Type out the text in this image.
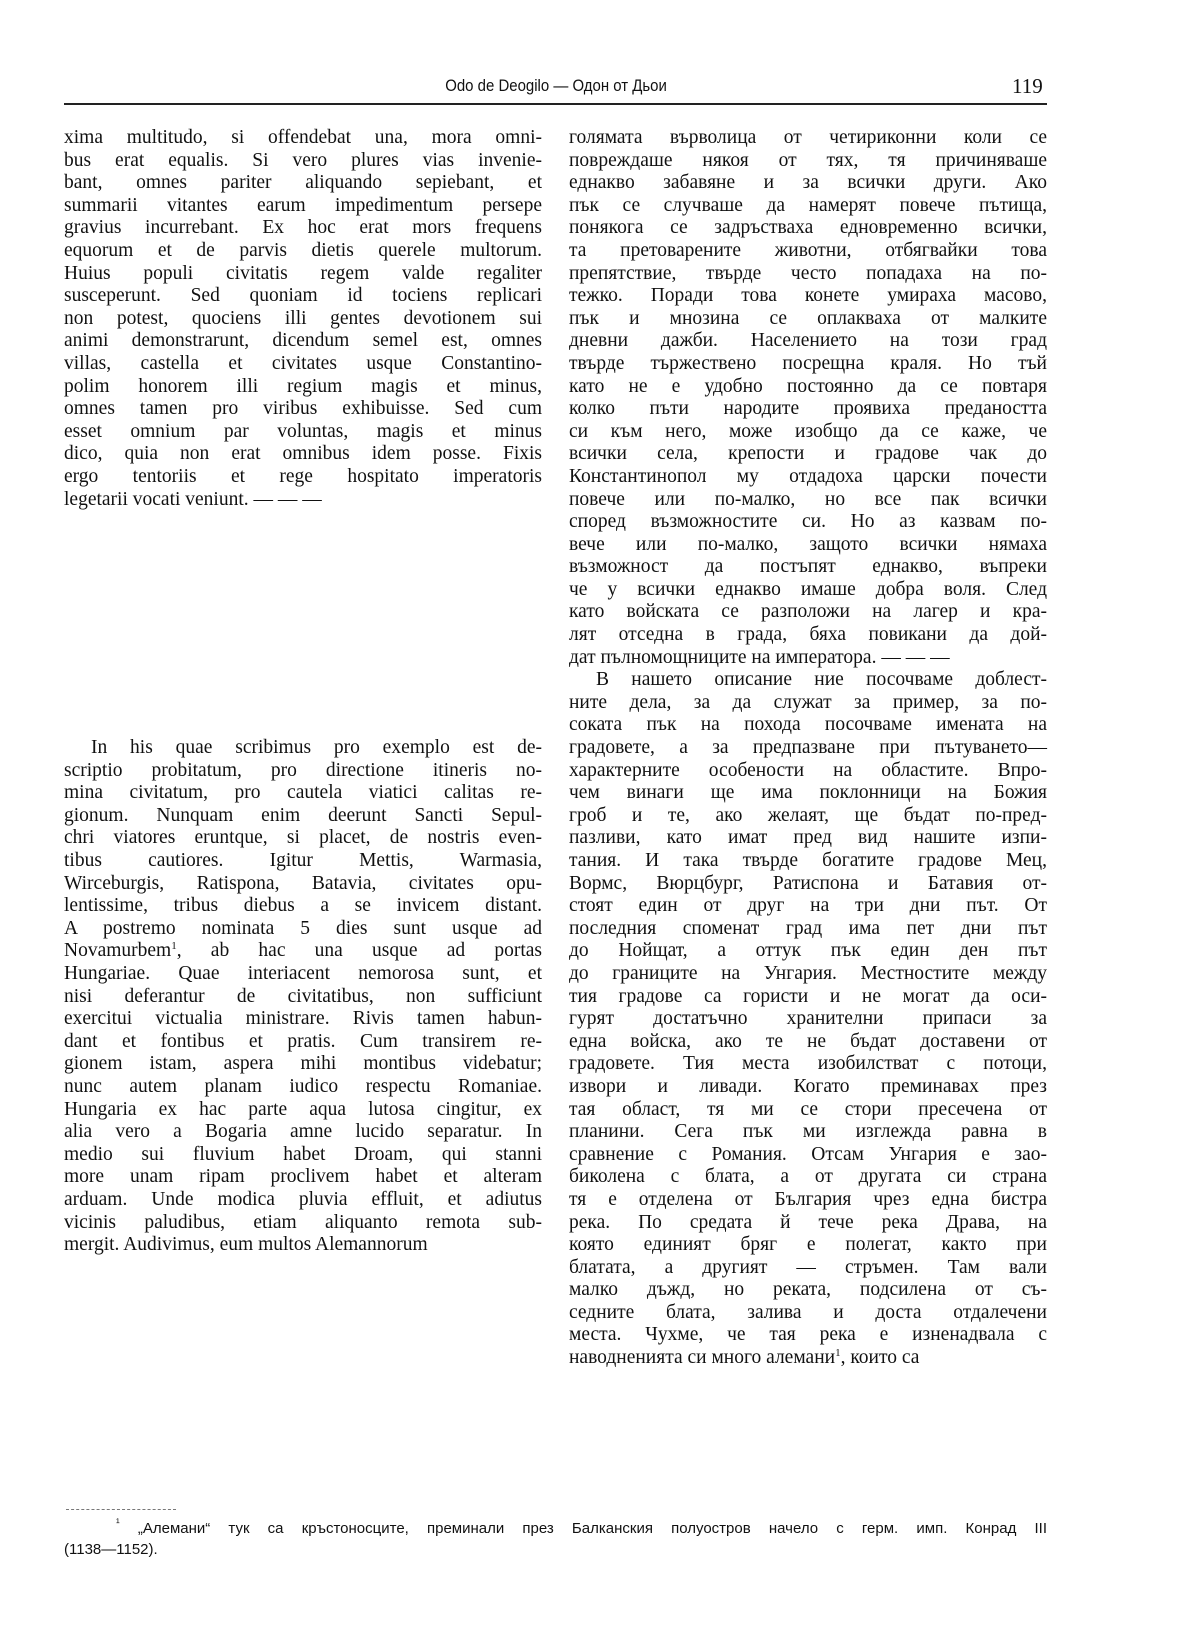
Odo de Deogilo — Одон от Дьои	119
xima multitudo, si offendebat una, mora omni-
bus erat equalis. Si vero plures vias invenie-
bant, omnes pariter aliquando sepiebant, et
summarii vitantes earum impedimentum persepe
gravius incurrebant. Ex hoc erat mors frequens
equorum et de parvis dietis querele multorum.
Huius populi civitatis regem valde regaliter
susceperunt. Sed quoniam id tociens replicari
non potest, quociens illi gentes devotionem sui
animi demonstrarunt, dicendum semel est, omnes
villas, castella et civitates usque Constantino-
polim honorem illi regium magis et minus,
omnes tamen pro viribus exhibuisse. Sed cum
esset omnium par voluntas, magis et minus
dico, quia non erat omnibus idem posse. Fixis
ergo tentoriis et rege hospitato imperatoris
legetarii vocati veniunt. — — —
In his quae scribimus pro exemplo est de-
scriptio probitatum, pro directione itineris no-
mina civitatum, pro cautela viatici calitas re-
gionum. Nunquam enim deerunt Sancti Sepul-
chri viatores eruntque, si placet, de nostris even-
tibus cautiores. Igitur Mettis, Warmasia,
Wirceburgis, Ratispona, Batavia, civitates opu-
lentissime, tribus diebus a se invicem distant.
A postremo nominata 5 dies sunt usque ad
Novamurbem$^1$, ab hac una usque ad portas
Hungariae. Quae interiacent nemorosa sunt, et
nisi deferantur de civitatibus, non sufficiunt
exercitui victualia ministrare. Rivis tamen habun-
dant et fontibus et pratis. Cum transirem re-
gionem istam, aspera mihi montibus videbatur;
nunc autem planam iudico respectu Romaniae.
Hungaria ex hac parte aqua lutosa cingitur, ex
alia vero a Bogaria amne lucido separatur. In
medio sui fluvium habet Droam, qui stanni
more unam ripam proclivem habet et alteram
arduam. Unde modica pluvia effluit, et adiutus
vicinis paludibus, etiam aliquanto remota sub-
mergit. Audivimus, eum multos Alemannorum
голямата върволица от четириконни коли се
повреждаше някоя от тях, тя причиняваше
еднакво забавяне и за всички други. Ако
пък се случваше да намерят повече пътища,
понякога се задръстваха едновременно всички,
та претоварените животни, отбягвайки това
препятствие, твърде често попадаха на по-
тежко. Поради това конете умираха масово,
пък и мнозина се оплакваха от малките
дневни дажби. Населението на този град
твърде тържествено посрещна краля. Но тъй
като не е удобно постоянно да се повтаря
колко пъти народите проявиха предаността
си към него, може изобщо да се каже, че
всички села, крепости и градове чак до
Константинопол му отдадоха царски почести
повече или по-малко, но все пак всички
според възможностите си. Но аз казвам по-
вече или по-малко, защото всички нямаха
възможност да постъпят еднакво, въпреки
че у всички еднакво имаше добра воля. След
като войската се разположи на лагер и кра-
лят отседна в града, бяха повикани да дой-
дат пълномощниците на императора. — — —
В нашето описание ние посочваме доблест-
ните дела, за да служат за пример, за по-
соката пък на похода посочваме имената на
градовете, а за предпазване при пътуването—
характерните особености на областите. Впро-
чем винаги ще има поклонници на Божия
гроб и те, ако желаят, ще бъдат по-пред-
пазливи, като имат пред вид нашите изпи-
тания. И така твърде богатите градове Мец,
Вормс, Вюрцбург, Ратиспона и Батавия от-
стоят един от друг на три дни път. От
последния споменат град има пет дни път
до Нойщат, а оттук пък един ден път
до границите на Унгария. Местностите между
тия градове са гористи и не могат да оси-
гурят достатъчно хранителни припаси за
една войска, ако те не бъдат доставени от
градовете. Тия места изобилстват с потоци,
извори и ливади. Когато преминавах през
тая област, тя ми се стори пресечена от
планини. Сега пък ми изглежда равна в
сравнение с Романия. Отсам Унгария е зао-
биколена с блата, а от другата си страна
тя е отделена от България чрез една бистра
река. По средата й тече река Драва, на
която единият бряг е полегат, както при
блатата, а другият — стръмен. Там вали
малко дъжд, но реката, подсилена от съ-
седните блата, залива и доста отдалечени
места. Чухме, че тая река е изненадвала с
наводненията си много алемани$^1$, които са
$^{^1}$ „Алемани“ тук са кръстоносците, преминали през Балканския полуостров начело с герм. имп. Конрад III
(1138—1152).
